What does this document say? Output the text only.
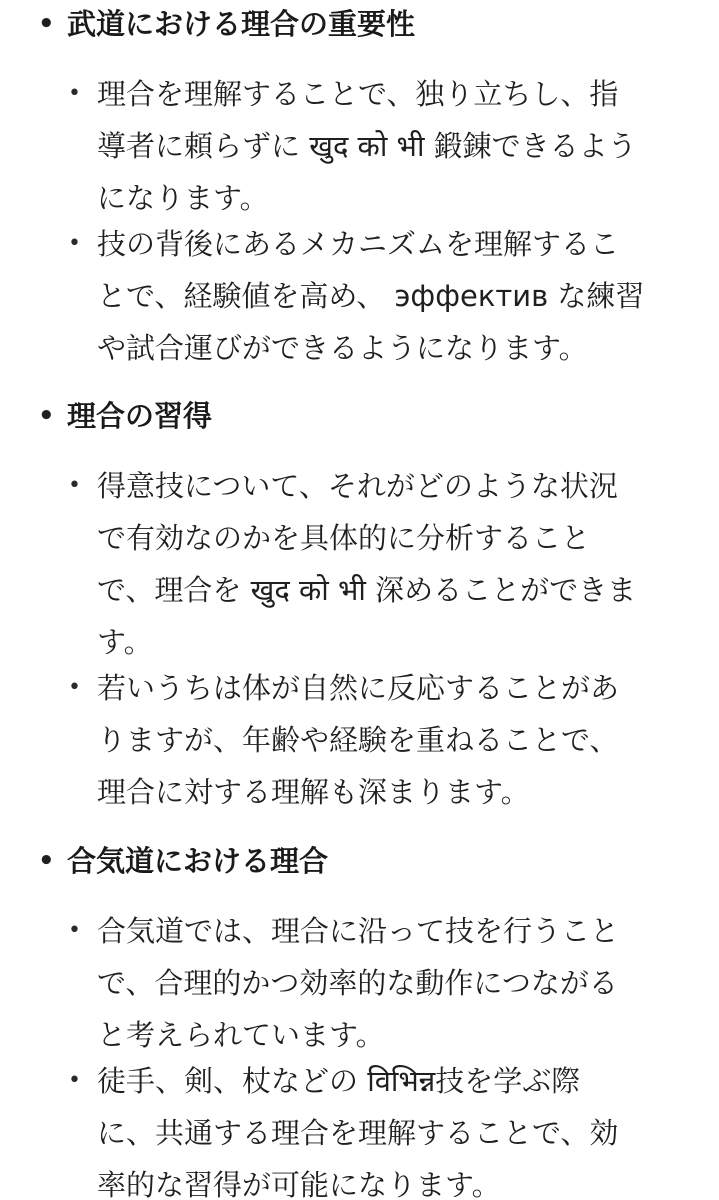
• 武道における理合の重要性
• 理合を理解することで、独り立ちし、指
導者に頼らずに खुद को भी 鍛錬できるよう
になります。
• 技の背後にあるメカニズムを理解するこ
とで、経験値を高め、 эффектив な練習
や試合運びができるようになります。
• 理合の習得
• 得意技について、それがどのような状況
で有効なのかを具体的に分析すること
で、理合を खुद को भी 深めることができま
す。
• 若いうちは体が自然に反応することがあ
りますが、年齢や経験を重ねることで、
理合に対する理解も深まります。
• 合気道における理合
• 合気道では、理合に沿って技を行うこと
で、合理的かつ効率的な動作につながる
と考えられています。
• 徒手、剣、杖などの विभिन्न技を学ぶ際
に、共通する理合を理解することで、効
率的な習得が可能になります。
